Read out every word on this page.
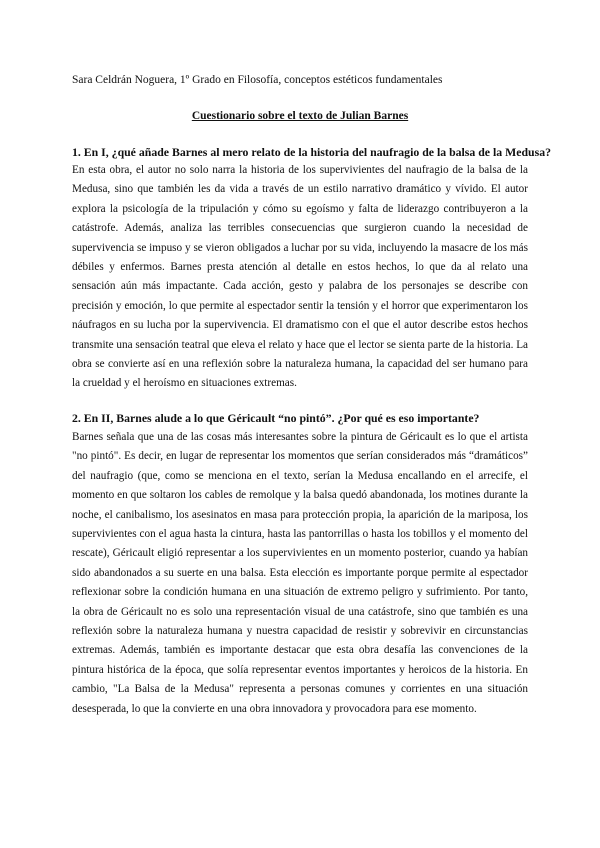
Sara Celdrán Noguera, 1º Grado en Filosofía, conceptos estéticos fundamentales
Cuestionario sobre el texto de Julian Barnes
1. En I, ¿qué añade Barnes al mero relato de la historia del naufragio de la balsa de la Medusa?
En esta obra, el autor no solo narra la historia de los supervivientes del naufragio de la balsa de la Medusa, sino que también les da vida a través de un estilo narrativo dramático y vívido. El autor explora la psicología de la tripulación y cómo su egoísmo y falta de liderazgo contribuyeron a la catástrofe. Además, analiza las terribles consecuencias que surgieron cuando la necesidad de supervivencia se impuso y se vieron obligados a luchar por su vida, incluyendo la masacre de los más débiles y enfermos. Barnes presta atención al detalle en estos hechos, lo que da al relato una sensación aún más impactante. Cada acción, gesto y palabra de los personajes se describe con precisión y emoción, lo que permite al espectador sentir la tensión y el horror que experimentaron los náufragos en su lucha por la supervivencia. El dramatismo con el que el autor describe estos hechos transmite una sensación teatral que eleva el relato y hace que el lector se sienta parte de la historia. La obra se convierte así en una reflexión sobre la naturaleza humana, la capacidad del ser humano para la crueldad y el heroísmo en situaciones extremas.
2. En II, Barnes alude a lo que Géricault “no pintó”. ¿Por qué es eso importante?
Barnes señala que una de las cosas más interesantes sobre la pintura de Géricault es lo que el artista "no pintó". Es decir, en lugar de representar los momentos que serían considerados más “dramáticos” del naufragio (que, como se menciona en el texto, serían la Medusa encallando en el arrecife, el momento en que soltaron los cables de remolque y la balsa quedó abandonada, los motines durante la noche, el canibalismo, los asesinatos en masa para protección propia, la aparición de la mariposa, los supervivientes con el agua hasta la cintura, hasta las pantorrillas o hasta los tobillos y el momento del rescate), Géricault eligió representar a los supervivientes en un momento posterior, cuando ya habían sido abandonados a su suerte en una balsa. Esta elección es importante porque permite al espectador reflexionar sobre la condición humana en una situación de extremo peligro y sufrimiento. Por tanto, la obra de Géricault no es solo una representación visual de una catástrofe, sino que también es una reflexión sobre la naturaleza humana y nuestra capacidad de resistir y sobrevivir en circunstancias extremas. Además, también es importante destacar que esta obra desafía las convenciones de la pintura histórica de la época, que solía representar eventos importantes y heroicos de la historia. En cambio, "La Balsa de la Medusa" representa a personas comunes y corrientes en una situación desesperada, lo que la convierte en una obra innovadora y provocadora para ese momento.
